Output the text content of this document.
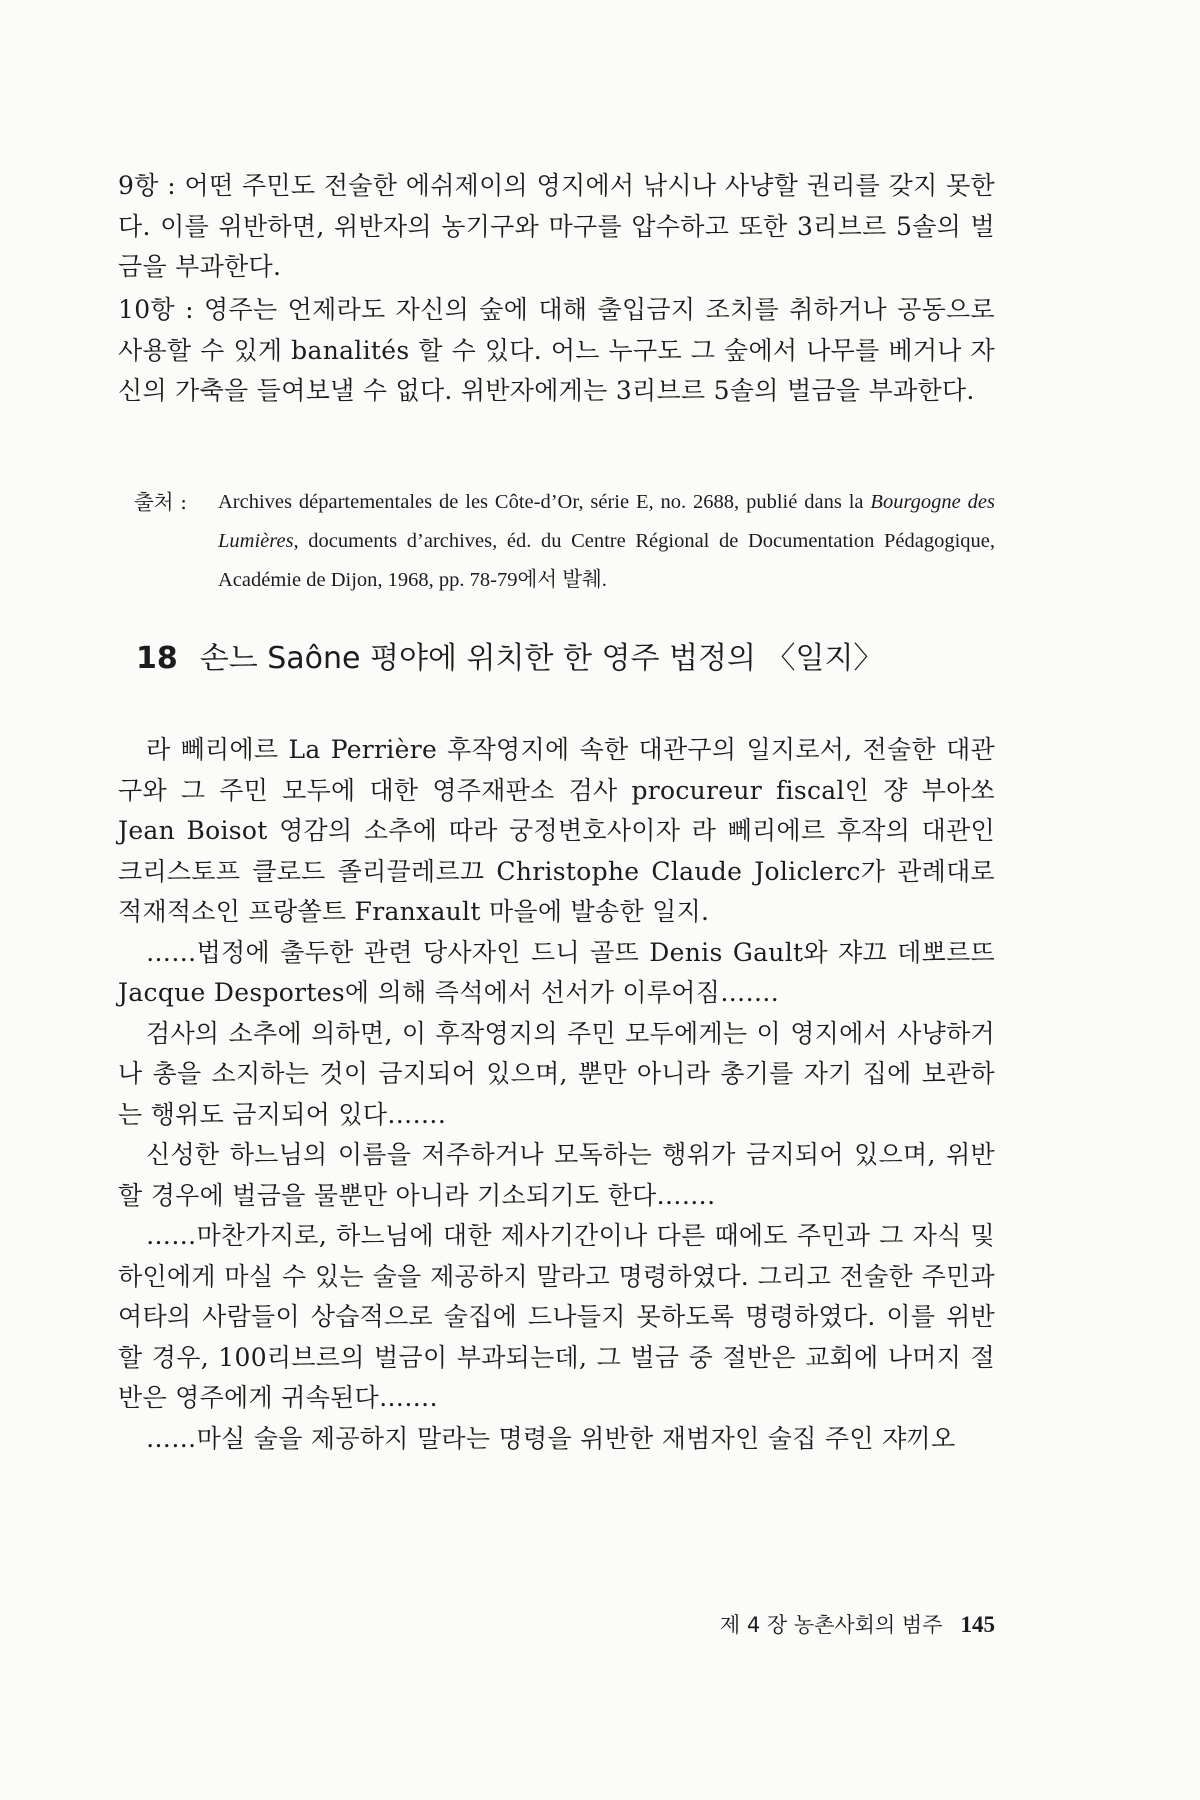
9항 : 어떤 주민도 전술한 에쉬제이의 영지에서 낚시나 사냥할 권리를 갖지 못한다. 이를 위반하면, 위반자의 농기구와 마구를 압수하고 또한 3리브르 5솔의 벌금을 부과한다.

10항 : 영주는 언제라도 자신의 숲에 대해 출입금지 조치를 취하거나 공동으로 사용할 수 있게 banalités 할 수 있다. 어느 누구도 그 숲에서 나무를 베거나 자신의 가축을 들여보낼 수 없다. 위반자에게는 3리브르 5솔의 벌금을 부과한다.

출처 : Archives départementales de les Côte-d’Or, série E, no. 2688, publié dans la Bourgogne des Lumières, documents d’archives, éd. du Centre Régional de Documentation Pédagogique, Académie de Dijon, 1968, pp. 78-79에서 발췌.
18 손느 Saône 평야에 위치한 한 영주 법정의 〈일지〉

라 뻬리에르 La Perrière 후작영지에 속한 대관구의 일지로서, 전술한 대관구와 그 주민 모두에 대한 영주재판소 검사 procureur fiscal인 쟝 부아쏘 Jean Boisot 영감의 소추에 따라 궁정변호사이자 라 뻬리에르 후작의 대관인 크리스토프 클로드 졸리끌레르끄 Christophe Claude Joliclerc가 관례대로 적재적소인 프랑쏠트 Franxault 마을에 발송한 일지.

……법정에 출두한 관련 당사자인 드니 골뜨 Denis Gault와 쟈끄 데뽀르뜨 Jacque Desportes에 의해 즉석에서 선서가 이루어짐…….

검사의 소추에 의하면, 이 후작영지의 주민 모두에게는 이 영지에서 사냥하거나 총을 소지하는 것이 금지되어 있으며, 뿐만 아니라 총기를 자기 집에 보관하는 행위도 금지되어 있다…….

신성한 하느님의 이름을 저주하거나 모독하는 행위가 금지되어 있으며, 위반할 경우에 벌금을 물뿐만 아니라 기소되기도 한다…….

……마찬가지로, 하느님에 대한 제사기간이나 다른 때에도 주민과 그 자식 및 하인에게 마실 수 있는 술을 제공하지 말라고 명령하였다. 그리고 전술한 주민과 여타의 사람들이 상습적으로 술집에 드나들지 못하도록 명령하였다. 이를 위반할 경우, 100리브르의 벌금이 부과되는데, 그 벌금 중 절반은 교회에 나머지 절반은 영주에게 귀속된다…….

……마실 술을 제공하지 말라는 명령을 위반한 재범자인 술집 주인 쟈끼오

제 4 장 농촌사회의 범주 145
